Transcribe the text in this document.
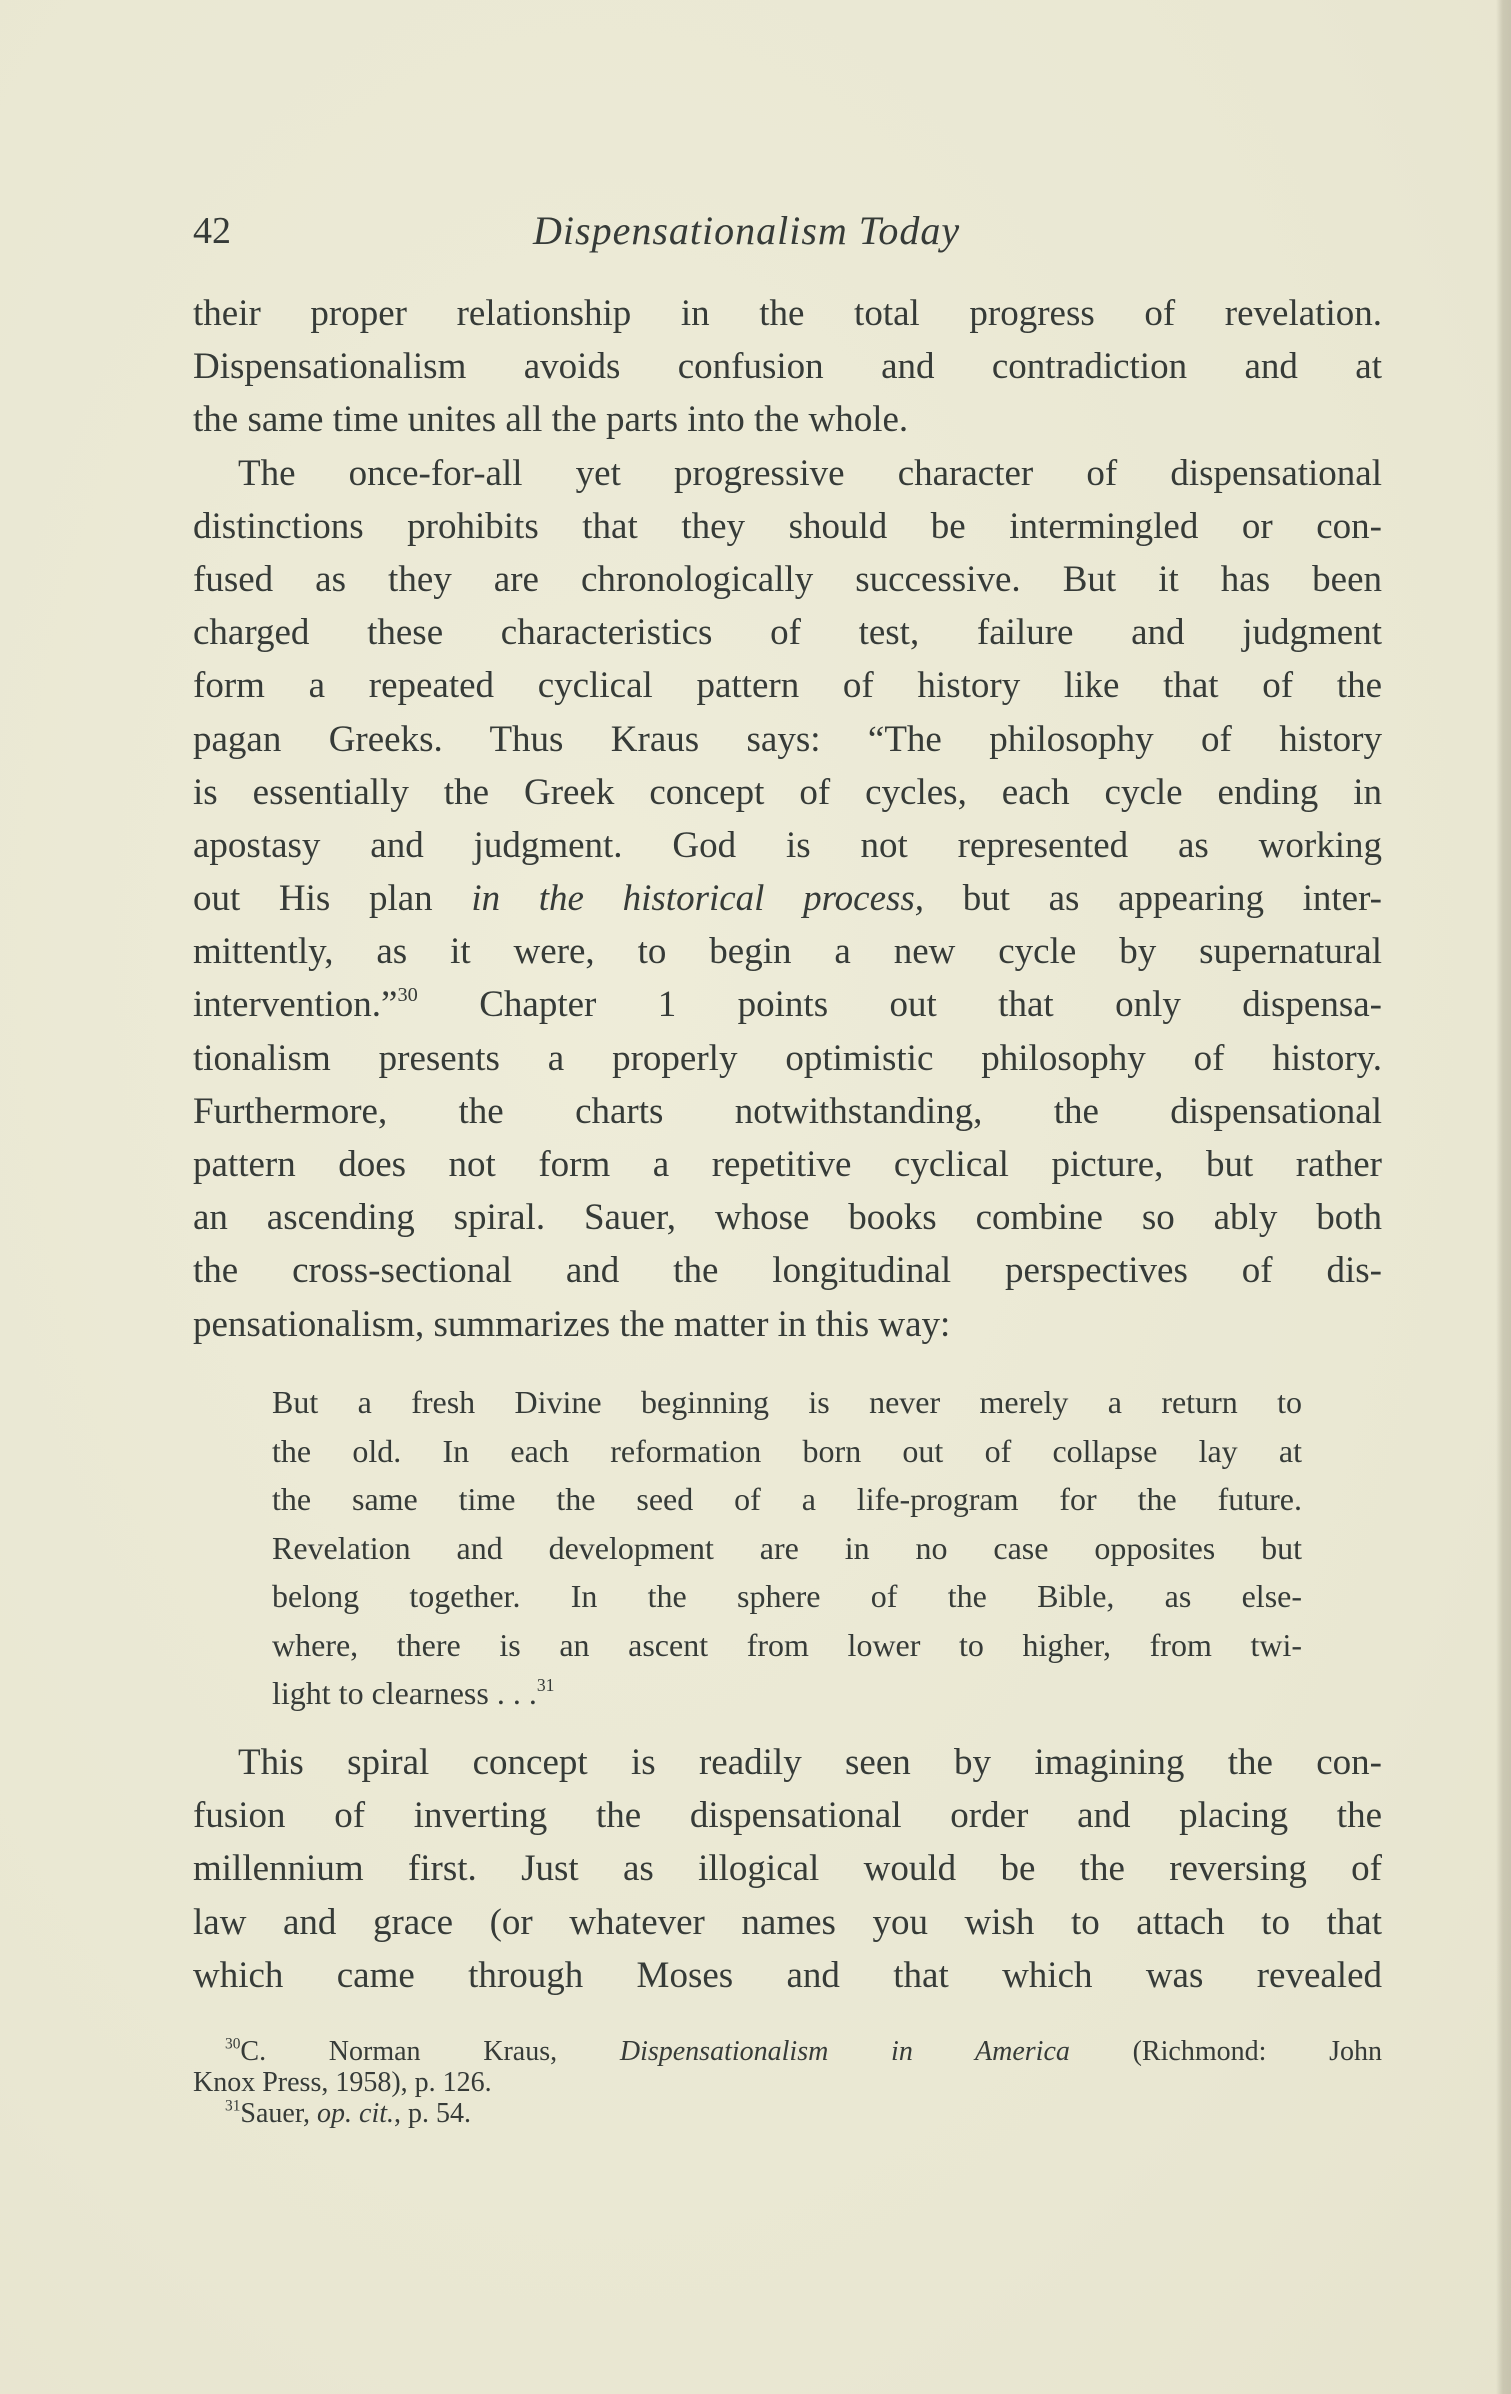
42	Dispensationalism Today
their proper relationship in the total progress of revelation.
Dispensationalism avoids confusion and contradiction and at
the same time unites all the parts into the whole.
The once-for-all yet progressive character of dispensational
distinctions prohibits that they should be intermingled or con-
fused as they are chronologically successive. But it has been
charged these characteristics of test, failure and judgment
form a repeated cyclical pattern of history like that of the
pagan Greeks. Thus Kraus says: “The philosophy of history
is essentially the Greek concept of cycles, each cycle ending in
apostasy and judgment. God is not represented as working
out His plan in the historical process, but as appearing inter-
mittently, as it were, to begin a new cycle by supernatural
intervention.”$^{30}$ Chapter 1 points out that only dispensa-
tionalism presents a properly optimistic philosophy of history.
Furthermore, the charts notwithstanding, the dispensational
pattern does not form a repetitive cyclical picture, but rather
an ascending spiral. Sauer, whose books combine so ably both
the cross-sectional and the longitudinal perspectives of dis-
pensationalism, summarizes the matter in this way:
But a fresh Divine beginning is never merely a return to
the old. In each reformation born out of collapse lay at
the same time the seed of a life-program for the future.
Revelation and development are in no case opposites but
belong together. In the sphere of the Bible, as else-
where, there is an ascent from lower to higher, from twi-
light to clearness . . .$^{31}$
This spiral concept is readily seen by imagining the con-
fusion of inverting the dispensational order and placing the
millennium first. Just as illogical would be the reversing of
law and grace (or whatever names you wish to attach to that
which came through Moses and that which was revealed
$^{30}$C. Norman Kraus, Dispensationalism in America (Richmond: John
Knox Press, 1958), p. 126.
$^{31}$Sauer, op. cit., p. 54.
